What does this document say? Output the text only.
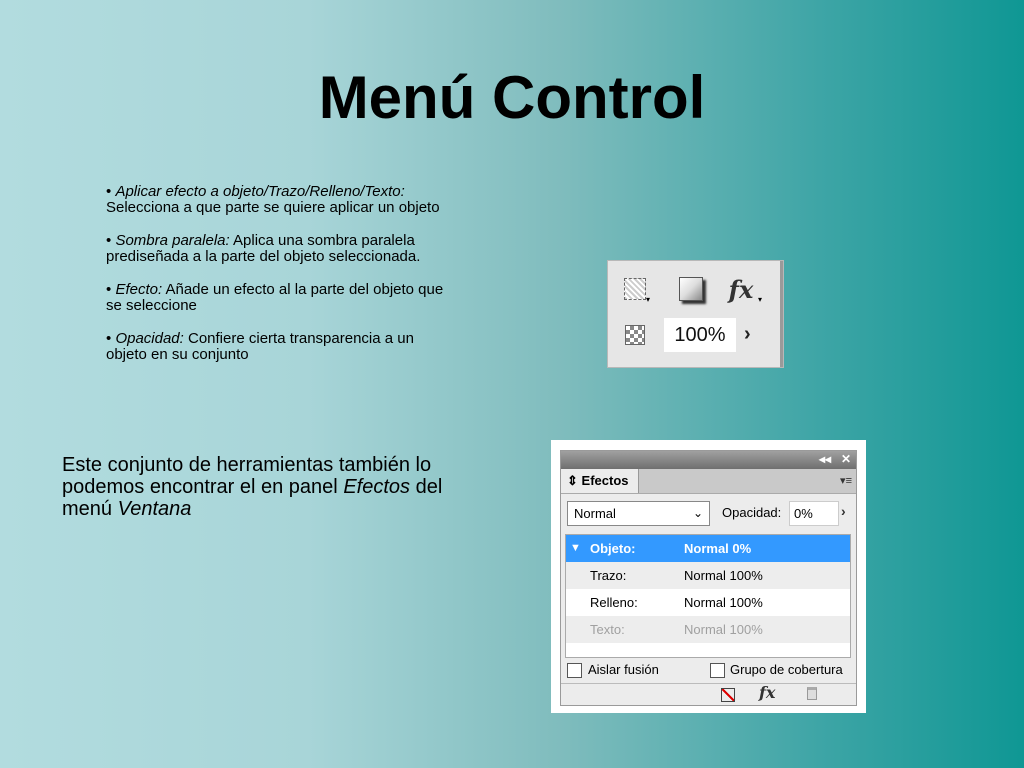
Menú Control
• Aplicar efecto a objeto/Trazo/Relleno/Texto: Selecciona a que parte se quiere aplicar un objeto
• Sombra paralela: Aplica una sombra paralela prediseñada a la parte del objeto seleccionada.
• Efecto: Añade un efecto al la parte del objeto que se seleccione
• Opacidad: Confiere cierta transparencia a un objeto en su conjunto
Este conjunto de herramientas también lo podemos encontrar el en panel Efectos del menú Ventana
▾	fx ▾
100% ›
◂◂ ✕
⇕ Efectos	▾≡
Normal	⌄ Opacidad: 0%	›
▼ Objeto:	Normal 0%
Trazo:	Normal 100%
Relleno:	Normal 100%
Texto:	Normal 100%
Aislar fusión	Grupo de cobertura
fx
